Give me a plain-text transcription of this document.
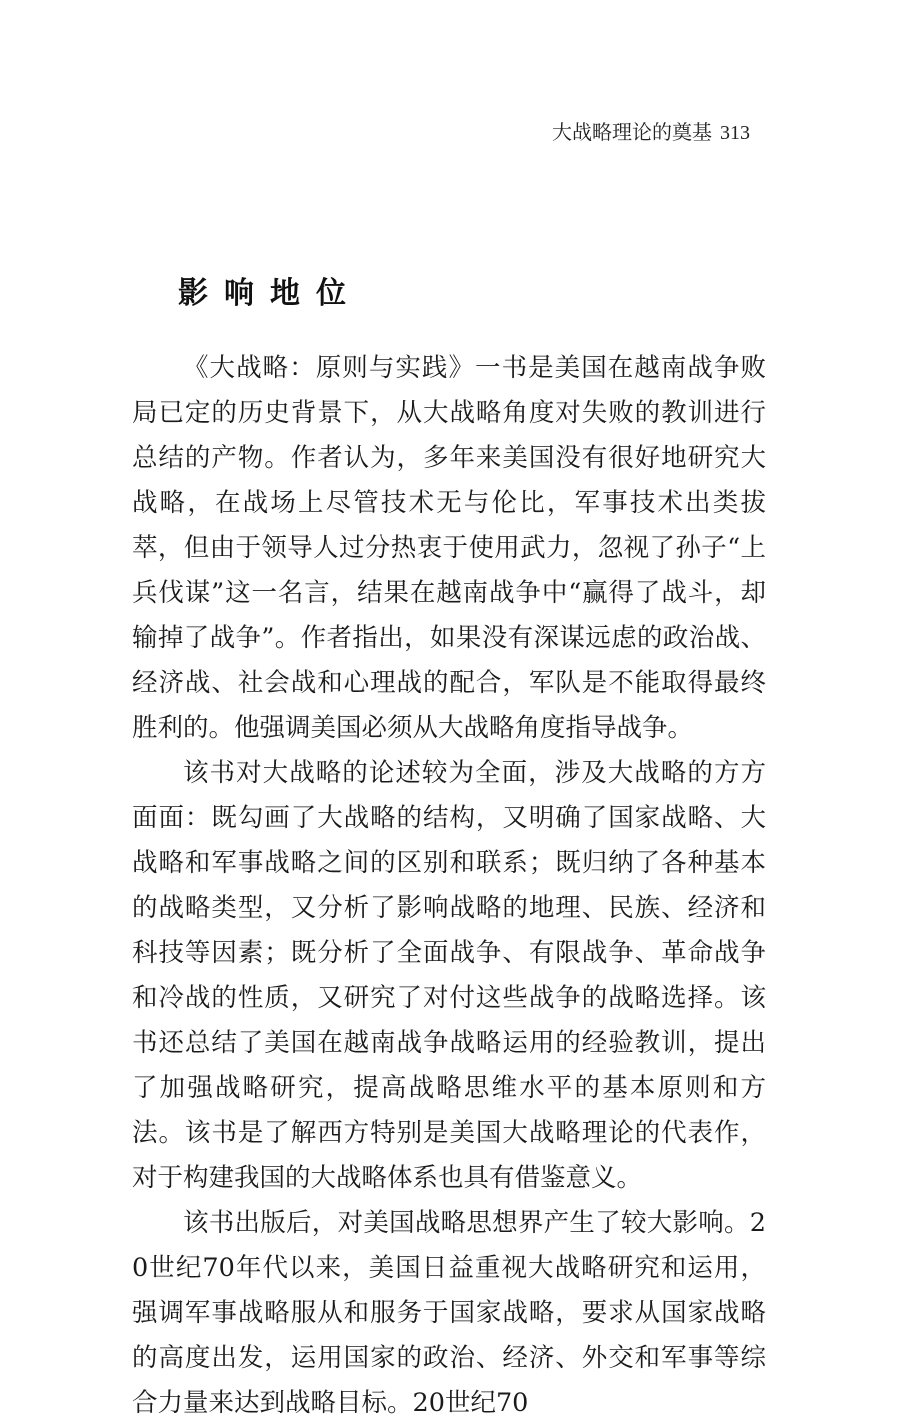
大战略理论的奠基 313
影响地位

《大战略：原则与实践》一书是美国在越南战争败局已定的历史背景下，从大战略角度对失败的教训进行总结的产物。作者认为，多年来美国没有很好地研究大战略，在战场上尽管技术无与伦比，军事技术出类拔萃，但由于领导人过分热衷于使用武力，忽视了孙子“上兵伐谋”这一名言，结果在越南战争中“赢得了战斗，却输掉了战争”。作者指出，如果没有深谋远虑的政治战、经济战、社会战和心理战的配合，军队是不能取得最终胜利的。他强调美国必须从大战略角度指导战争。

该书对大战略的论述较为全面，涉及大战略的方方面面：既勾画了大战略的结构，又明确了国家战略、大战略和军事战略之间的区别和联系；既归纳了各种基本的战略类型，又分析了影响战略的地理、民族、经济和科技等因素；既分析了全面战争、有限战争、革命战争和冷战的性质，又研究了对付这些战争的战略选择。该书还总结了美国在越南战争战略运用的经验教训，提出了加强战略研究，提高战略思维水平的基本原则和方法。该书是了解西方特别是美国大战略理论的代表作，对于构建我国的大战略体系也具有借鉴意义。

该书出版后，对美国战略思想界产生了较大影响。20世纪70年代以来，美国日益重视大战略研究和运用，强调军事战略服从和服务于国家战略，要求从国家战略的高度出发，运用国家的政治、经济、外交和军事等综合力量来达到战略目标。20世纪70
